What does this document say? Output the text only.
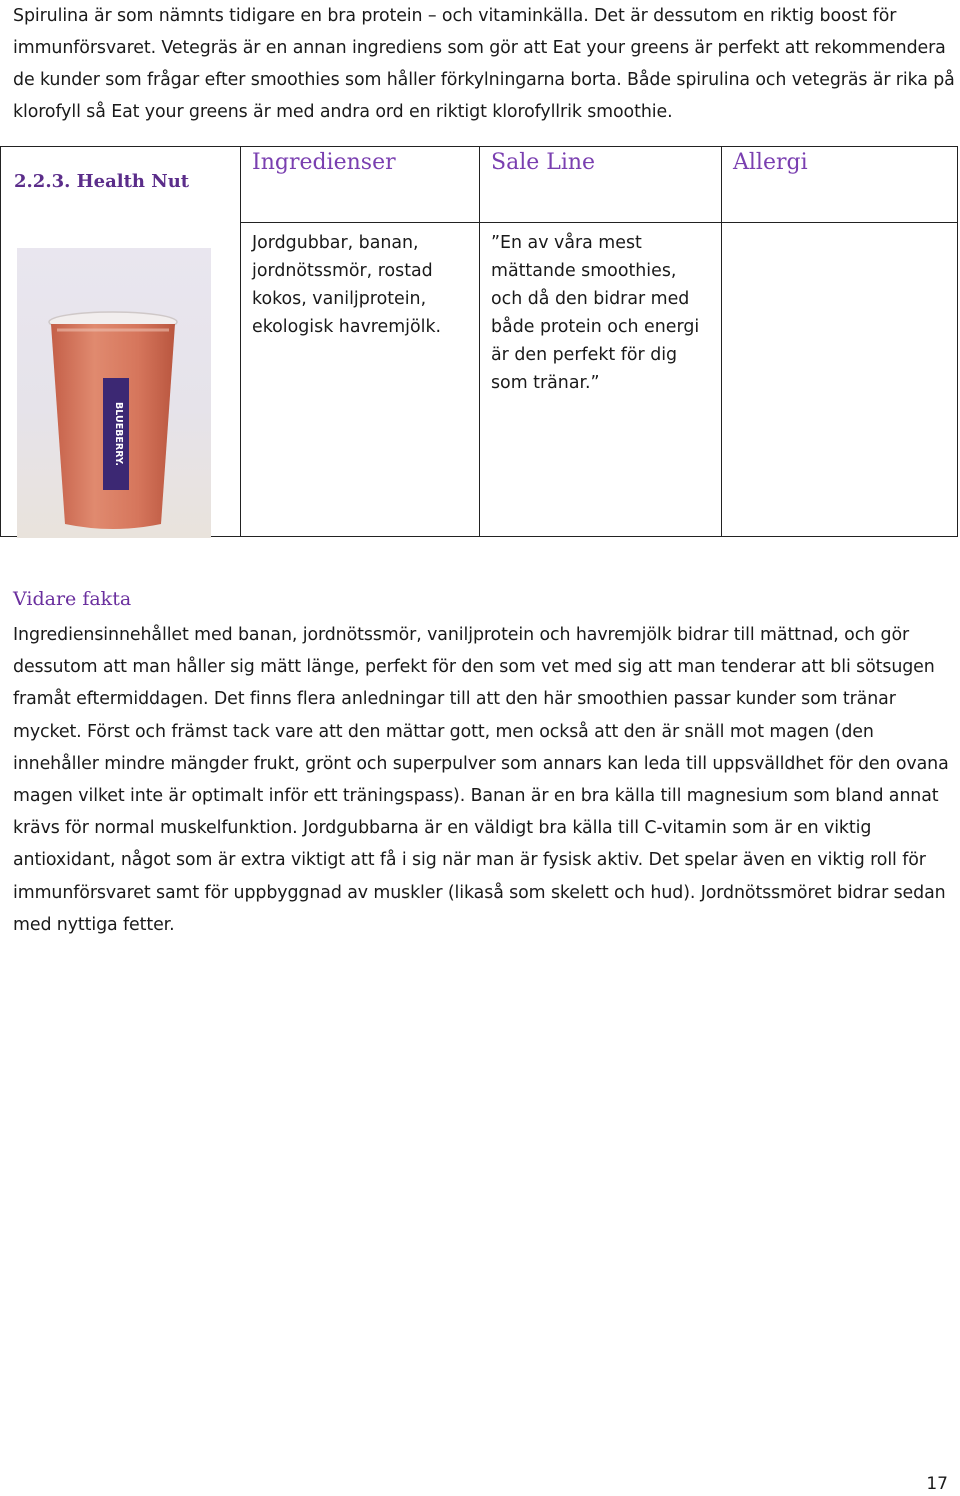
Spirulina är som nämnts tidigare en bra protein – och vitaminkälla. Det är dessutom en riktig boost för immunförsvaret. Vetegräs är en annan ingrediens som gör att Eat your greens är perfekt att rekommendera de kunder som frågar efter smoothies som håller förkylningarna borta. Både spirulina och vetegräs är rika på klorofyll så Eat your greens är med andra ord en riktigt klorofyllrik smoothie.

2.2.3. Health Nut	Ingredienser	Sale Line	Allergi

BLUEBERRY.	Jordgubbar, banan, jordnötssmör, rostad kokos, vaniljprotein, ekologisk havremjölk.	”En av våra mest mättande smoothies, och då den bidrar med både protein och energi är den perfekt för dig som tränar.”	

Vidare fakta

Ingrediensinnehållet med banan, jordnötssmör, vaniljprotein och havremjölk bidrar till mättnad, och gör dessutom att man håller sig mätt länge, perfekt för den som vet med sig att man tenderar att bli sötsugen framåt eftermiddagen. Det finns flera anledningar till att den här smoothien passar kunder som tränar mycket. Först och främst tack vare att den mättar gott, men också att den är snäll mot magen (den innehåller mindre mängder frukt, grönt och superpulver som annars kan leda till uppsvälldhet för den ovana magen vilket inte är optimalt inför ett träningspass). Banan är en bra källa till magnesium som bland annat krävs för normal muskelfunktion. Jordgubbarna är en väldigt bra källa till C-vitamin som är en viktig antioxidant, något som är extra viktigt att få i sig när man är fysisk aktiv. Det spelar även en viktig roll för immunförsvaret samt för uppbyggnad av muskler (likaså som skelett och hud). Jordnötssmöret bidrar sedan med nyttiga fetter.

17
